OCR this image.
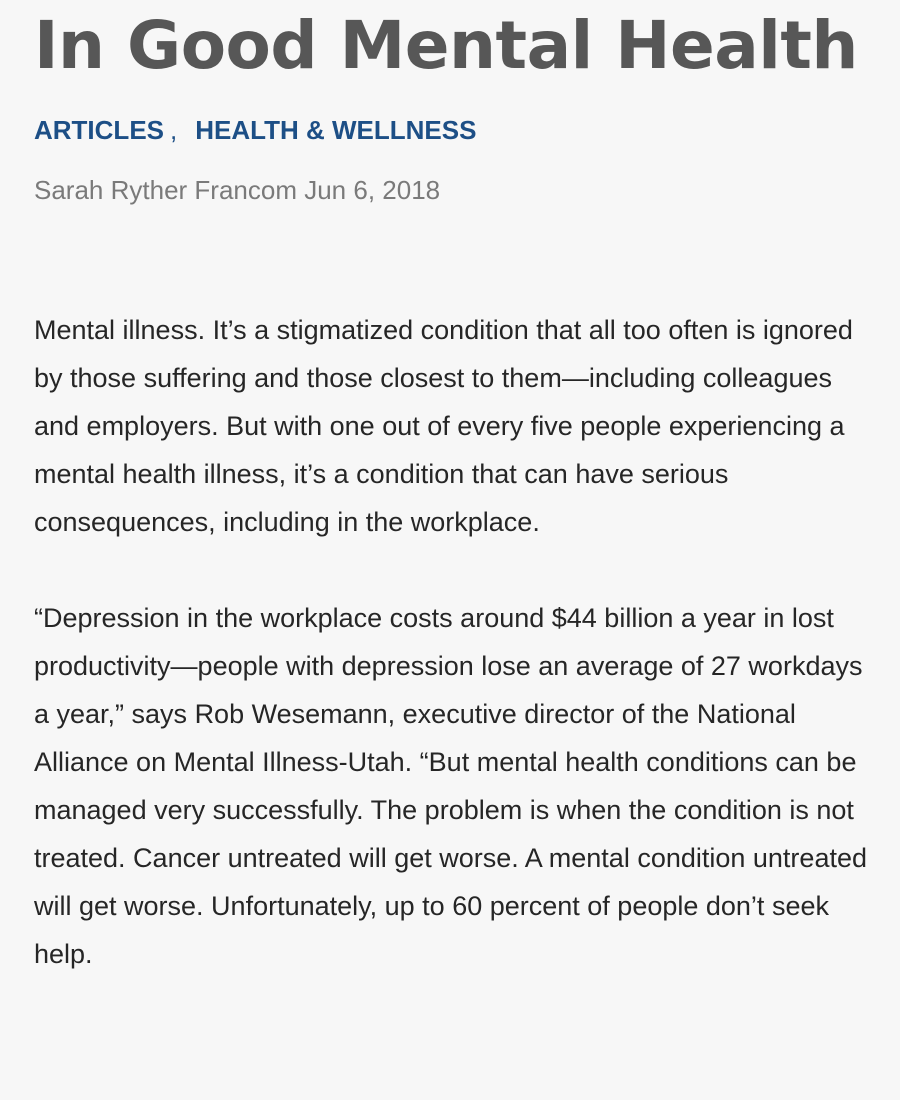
In Good Mental Health
ARTICLES , HEALTH & WELLNESS
Sarah Ryther Francom Jun 6, 2018

Mental illness. It’s a stigmatized condition that all too often is ignored by those suffering and those closest to them—including colleagues and employers. But with one out of every five people experiencing a mental health illness, it’s a condition that can have serious consequences, including in the workplace.

“Depression in the workplace costs around $44 billion a year in lost productivity—people with depression lose an average of 27 workdays a year,” says Rob Wesemann, executive director of the National Alliance on Mental Illness-Utah. “But mental health conditions can be managed very successfully. The problem is when the condition is not treated. Cancer untreated will get worse. A mental condition untreated will get worse. Unfortunately, up to 60 percent of people don’t seek help.
